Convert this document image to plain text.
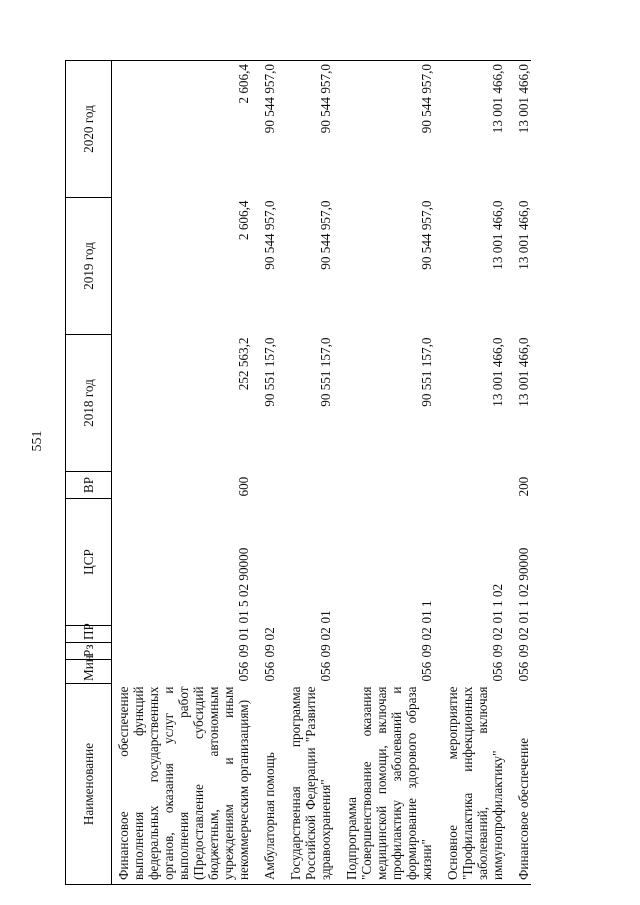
551
Наименование	Мин	Рз	ПР	ЦСР	ВР	2018 год	2019 год	2020 год
Финансовое обеспечение выполнения функций федеральных государственных органов, оказания услуг и выполнения работ (Предоставление субсидий бюджетным, автономным учреждениям и иным некоммерческим организациям)	056	09	01	01 5 02 90000	600	252 563,2	2 606,4	2 606,4
Амбулаторная помощь	056	09	02			90 551 157,0	90 544 957,0	90 544 957,0
Государственная программа Российской Федерации "Развитие здравоохранения"	056	09	02	01		90 551 157,0	90 544 957,0	90 544 957,0
Подпрограмма "Совершенствование оказания медицинской помощи, включая профилактику заболеваний и формирование здорового образа жизни"	056	09	02	01 1		90 551 157,0	90 544 957,0	90 544 957,0
Основное мероприятие "Профилактика инфекционных заболеваний, включая иммунопрофилактику"	056	09	02	01 1 02		13 001 466,0	13 001 466,0	13 001 466,0
Финансовое обеспечение	056	09	02	01 1 02 90000	200	13 001 466,0	13 001 466,0	13 001 466,0
